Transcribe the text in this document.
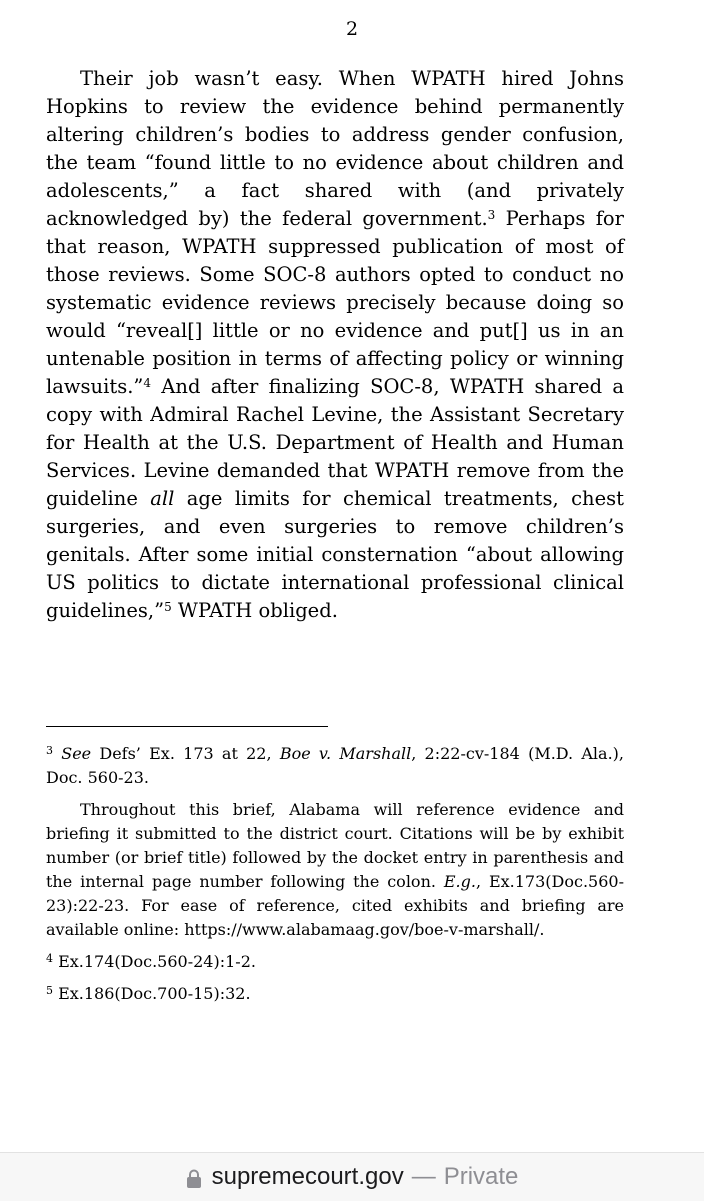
2

Their job wasn’t easy. When WPATH hired Johns Hopkins to review the evidence behind permanently altering children’s bodies to address gender confusion, the team “found little to no evidence about children and adolescents,” a fact shared with (and privately acknowledged by) the federal government.$^3$ Perhaps for that reason, WPATH suppressed publication of most of those reviews. Some SOC-8 authors opted to conduct no systematic evidence reviews precisely because doing so would “reveal[] little or no evidence and put[] us in an untenable position in terms of affecting policy or winning lawsuits.”$^4$ And after finalizing SOC-8, WPATH shared a copy with Admiral Rachel Levine, the Assistant Secretary for Health at the U.S. Department of Health and Human Services. Levine demanded that WPATH remove from the guideline all age limits for chemical treatments, chest surgeries, and even surgeries to remove children’s genitals. After some initial consternation “about allowing US politics to dictate international professional clinical guidelines,”$^5$ WPATH obliged.

$^3$ See Defs’ Ex. 173 at 22, Boe v. Marshall, 2:22-cv-184 (M.D. Ala.), Doc. 560-23.

Throughout this brief, Alabama will reference evidence and briefing it submitted to the district court. Citations will be by exhibit number (or brief title) followed by the docket entry in parenthesis and the internal page number following the colon. E.g., Ex.173(Doc.560-23):22-23. For ease of reference, cited exhibits and briefing are available online: https://www.alabamaag.gov/boe-v-marshall/.

$^4$ Ex.174(Doc.560-24):1-2.

$^5$ Ex.186(Doc.700-15):32.

supremecourt.gov — Private
